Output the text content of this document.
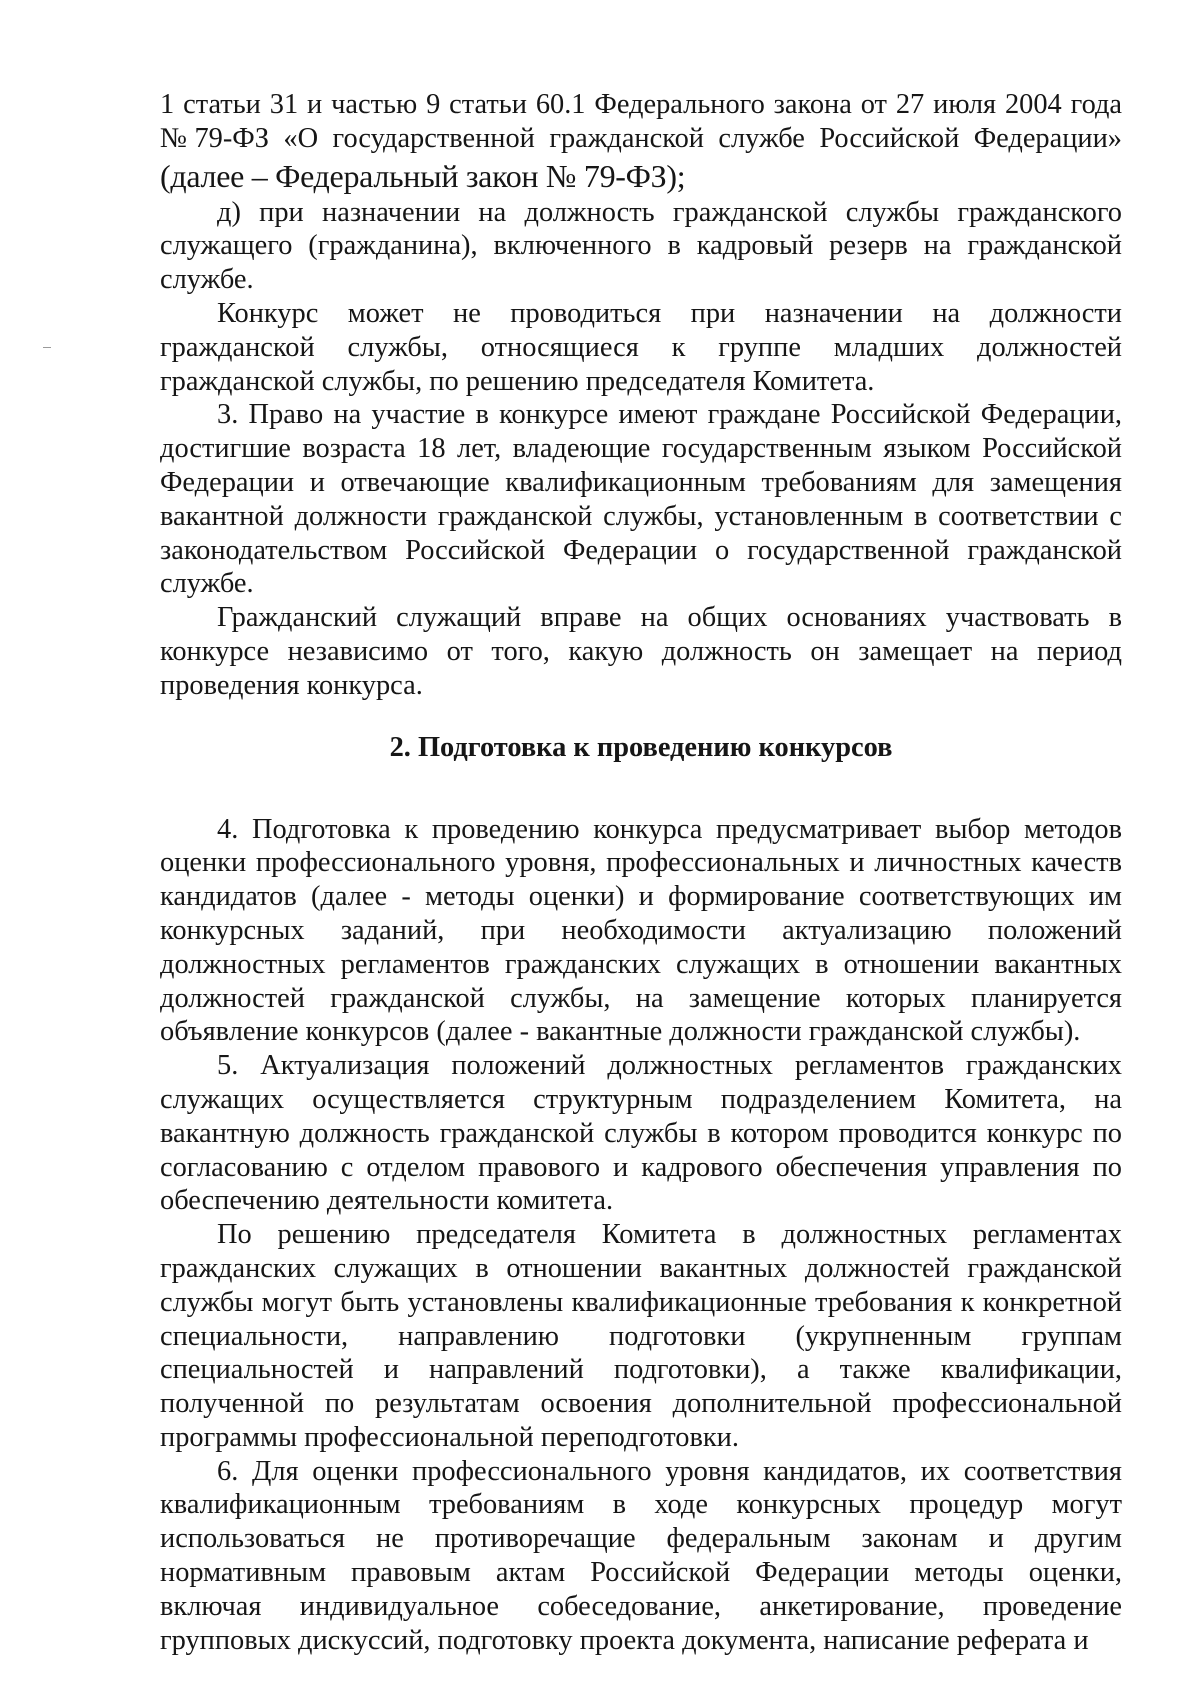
1 статьи 31 и частью 9 статьи 60.1 Федерального закона от 27 июля 2004 года №79-ФЗ «О государственной гражданской службе Российской Федерации» (далее – Федеральный закон № 79-ФЗ);

д) при назначении на должность гражданской службы гражданского служащего (гражданина), включенного в кадровый резерв на гражданской службе.

Конкурс может не проводиться при назначении на должности гражданской службы, относящиеся к группе младших должностей гражданской службы, по решению председателя Комитета.

3. Право на участие в конкурсе имеют граждане Российской Федерации, достигшие возраста 18 лет, владеющие государственным языком Российской Федерации и отвечающие квалификационным требованиям для замещения вакантной должности гражданской службы, установленным в соответствии с законодательством Российской Федерации о государственной гражданской службе.

Гражданский служащий вправе на общих основаниях участвовать в конкурсе независимо от того, какую должность он замещает на период проведения конкурса.

2. Подготовка к проведению конкурсов

4. Подготовка к проведению конкурса предусматривает выбор методов оценки профессионального уровня, профессиональных и личностных качеств кандидатов (далее - методы оценки) и формирование соответствующих им конкурсных заданий, при необходимости актуализацию положений должностных регламентов гражданских служащих в отношении вакантных должностей гражданской службы, на замещение которых планируется объявление конкурсов (далее - вакантные должности гражданской службы).

5. Актуализация положений должностных регламентов гражданских служащих осуществляется структурным подразделением Комитета, на вакантную должность гражданской службы в котором проводится конкурс по согласованию с отделом правового и кадрового обеспечения управления по обеспечению деятельности комитета.

По решению председателя Комитета в должностных регламентах гражданских служащих в отношении вакантных должностей гражданской службы могут быть установлены квалификационные требования к конкретной специальности, направлению подготовки (укрупненным группам специальностей и направлений подготовки), а также квалификации, полученной по результатам освоения дополнительной профессиональной программы профессиональной переподготовки.

6. Для оценки профессионального уровня кандидатов, их соответствия квалификационным требованиям в ходе конкурсных процедур могут использоваться не противоречащие федеральным законам и другим нормативным правовым актам Российской Федерации методы оценки, включая индивидуальное собеседование, анкетирование, проведение групповых дискуссий, подготовку проекта документа, написание реферата и
